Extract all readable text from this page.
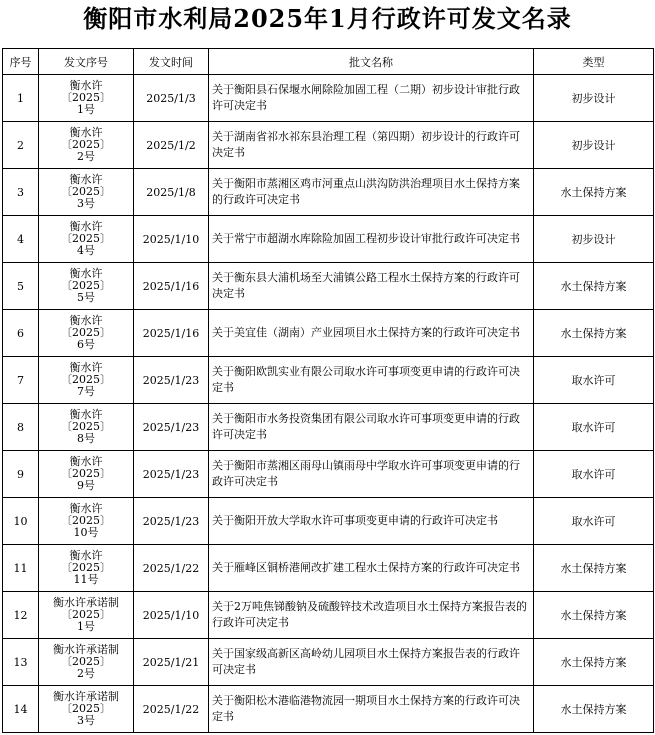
衡阳市水利局2025年1月行政许可发文名录
序号	发文序号	发文时间	批文名称	类型
1	衡水许
〔2025〕
1号	2025/1/3	关于衡阳县石保堰水闸除险加固工程（二期）初步设计审批行政许可决定书	初步设计
2	衡水许
〔2025〕
2号	2025/1/2	关于湖南省祁水祁东县治理工程（第四期）初步设计的行政许可决定书	初步设计
3	衡水许
〔2025〕
3号	2025/1/8	关于衡阳市蒸湘区鸡市河重点山洪沟防洪治理项目水土保持方案的行政许可决定书	水土保持方案
4	衡水许
〔2025〕
4号	2025/1/10	关于常宁市超湖水库除险加固工程初步设计审批行政许可决定书	初步设计
5	衡水许
〔2025〕
5号	2025/1/16	关于衡东县大浦机场至大浦镇公路工程水土保持方案的行政许可决定书	水土保持方案
6	衡水许
〔2025〕
6号	2025/1/16	关于美宜佳（湖南）产业园项目水土保持方案的行政许可决定书	水土保持方案
7	衡水许
〔2025〕
7号	2025/1/23	关于衡阳欧凯实业有限公司取水许可事项变更申请的行政许可决定书	取水许可
8	衡水许
〔2025〕
8号	2025/1/23	关于衡阳市水务投资集团有限公司取水许可事项变更申请的行政许可决定书	取水许可
9	衡水许
〔2025〕
9号	2025/1/23	关于衡阳市蒸湘区雨母山镇雨母中学取水许可事项变更申请的行政许可决定书	取水许可
10	衡水许
〔2025〕
10号	2025/1/23	关于衡阳开放大学取水许可事项变更申请的行政许可决定书	取水许可
11	衡水许
〔2025〕
11号	2025/1/22	关于雁峰区铜桥港闸改扩建工程水土保持方案的行政许可决定书	水土保持方案
12	衡水许承诺制
〔2025〕
1号	2025/1/10	关于2万吨焦锑酸钠及硫酸锌技术改造项目水土保持方案报告表的行政许可决定书	水土保持方案
13	衡水许承诺制
〔2025〕
2号	2025/1/21	关于国家级高新区高岭幼儿园项目水土保持方案报告表的行政许可决定书	水土保持方案
14	衡水许承诺制
〔2025〕
3号	2025/1/22	关于衡阳松木港临港物流园一期项目水土保持方案的行政许可决定书	水土保持方案
